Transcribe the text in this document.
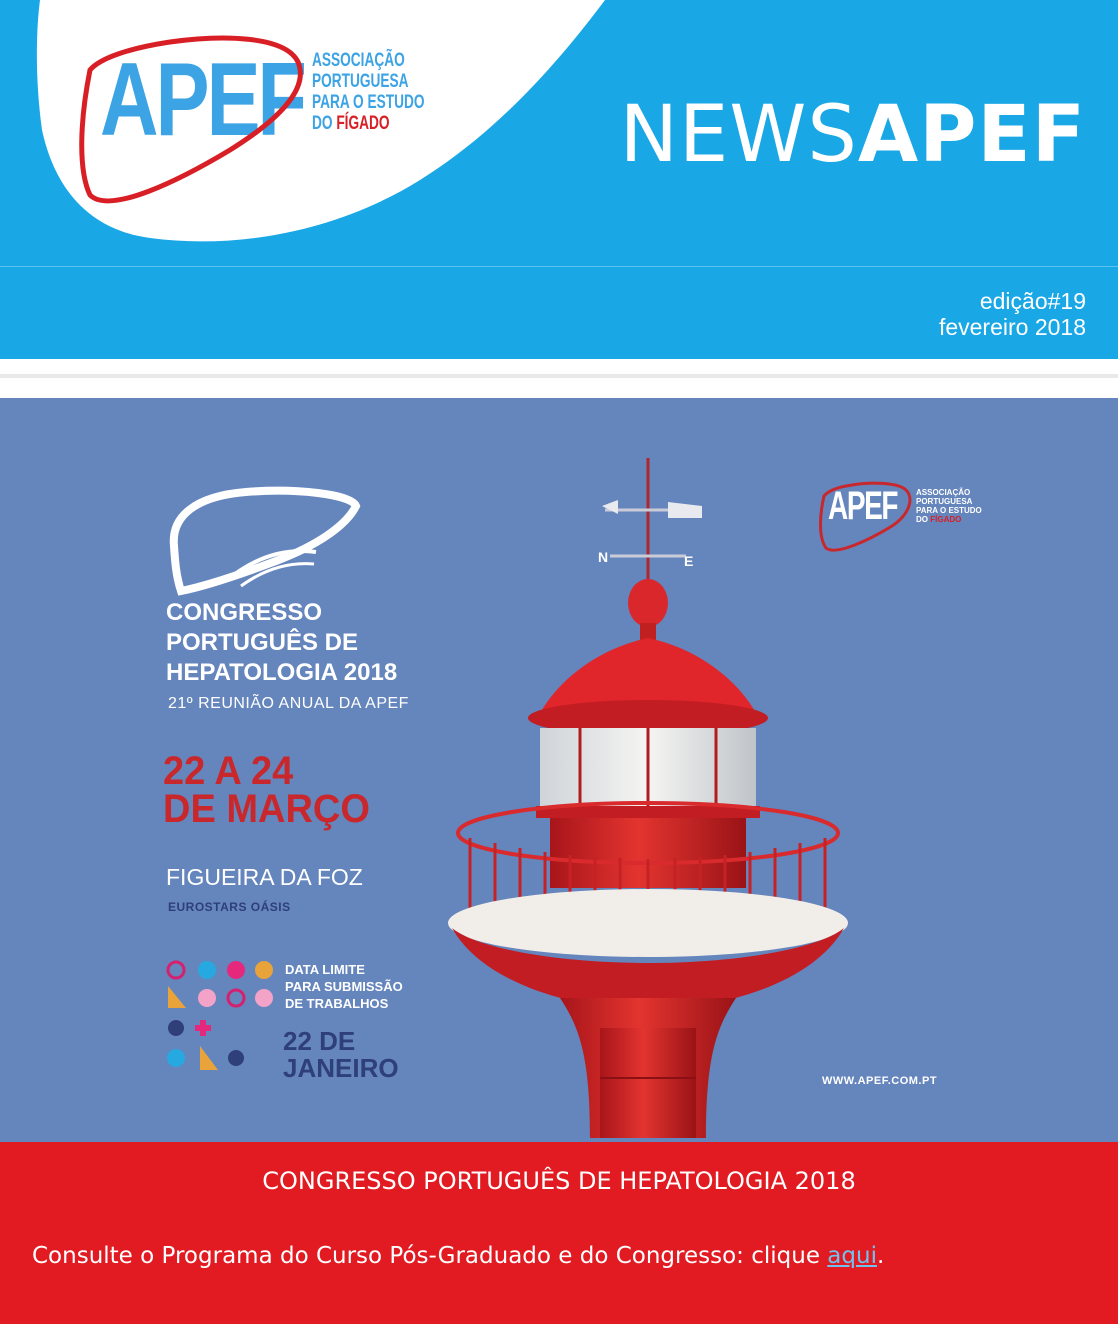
APEF ASSOCIAÇÃO
PORTUGUESA
PARA O ESTUDO
DO FÍGADO	NEWSAPEF
edição#19
fevereiro 2018
CONGRESSO
PORTUGUÊS DE
HEPATOLOGIA 2018
21º REUNIÃO ANUAL DA APEF
22 A 24
DE MARÇO
FIGUEIRA DA FOZ
EUROSTARS OÁSIS
DATA LIMITE
PARA SUBMISSÃO
DE TRABALHOS
22 DE
JANEIRO
APEF ASSOCIAÇÃO
PORTUGUESA
PARA O ESTUDO
DO FÍGADO
N	E
WWW.APEF.COM.PT
CONGRESSO PORTUGUÊS DE HEPATOLOGIA 2018
Consulte o Programa do Curso Pós-Graduado e do Congresso: clique aqui.
